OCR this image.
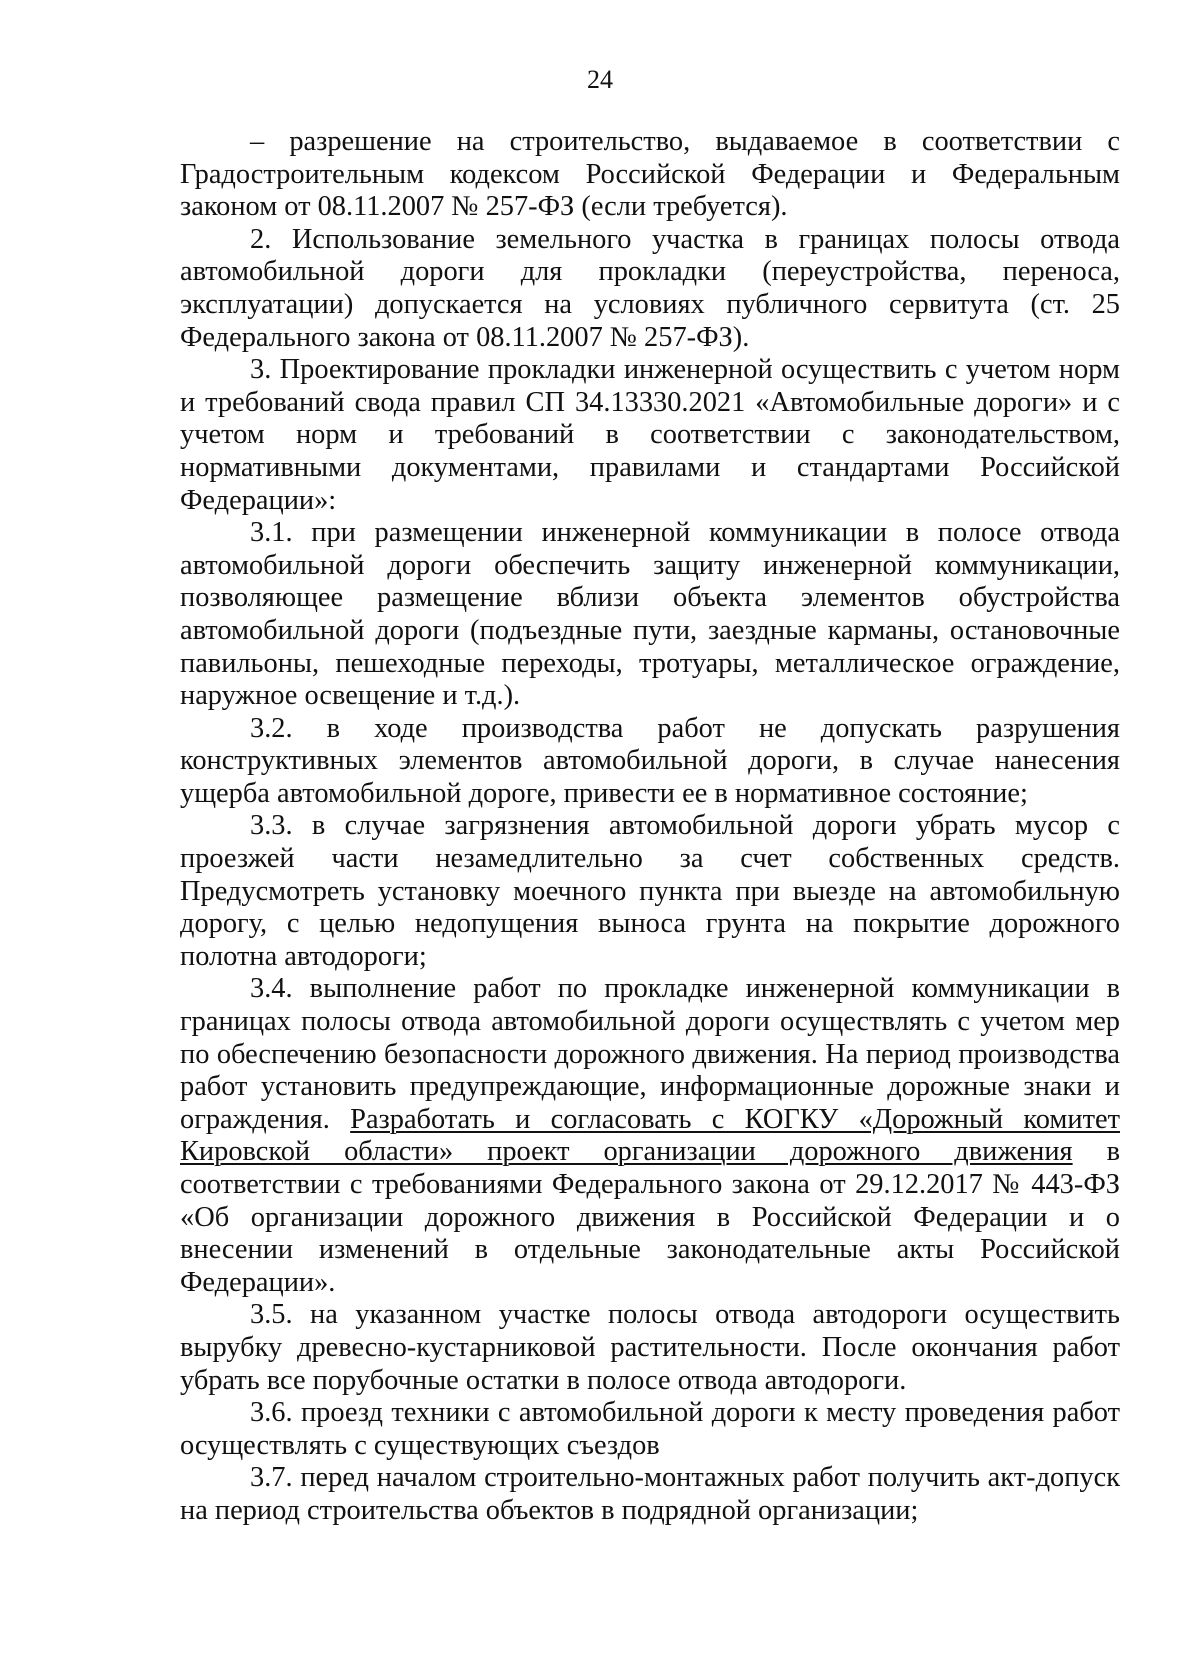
24

– разрешение на строительство, выдаваемое в соответствии с Градостроительным кодексом Российской Федерации и Федеральным законом от 08.11.2007 № 257-ФЗ (если требуется).

2. Использование земельного участка в границах полосы отвода автомобильной дороги для прокладки (переустройства, переноса, эксплуатации) допускается на условиях публичного сервитута (ст. 25 Федерального закона от 08.11.2007 № 257-ФЗ).

3. Проектирование прокладки инженерной осуществить с учетом норм и требований свода правил СП 34.13330.2021 «Автомобильные дороги» и с учетом норм и требований в соответствии с законодательством, нормативными документами, правилами и стандартами Российской Федерации»:

3.1. при размещении инженерной коммуникации в полосе отвода автомобильной дороги обеспечить защиту инженерной коммуникации, позволяющее размещение вблизи объекта элементов обустройства автомобильной дороги (подъездные пути, заездные карманы, остановочные павильоны, пешеходные переходы, тротуары, металлическое ограждение, наружное освещение и т.д.).

3.2. в ходе производства работ не допускать разрушения конструктивных элементов автомобильной дороги, в случае нанесения ущерба автомобильной дороге, привести ее в нормативное состояние;

3.3. в случае загрязнения автомобильной дороги убрать мусор с проезжей части незамедлительно за счет собственных средств. Предусмотреть установку моечного пункта при выезде на автомобильную дорогу, с целью недопущения выноса грунта на покрытие дорожного полотна автодороги;

3.4. выполнение работ по прокладке инженерной коммуникации в границах полосы отвода автомобильной дороги осуществлять с учетом мер по обеспечению безопасности дорожного движения. На период производства работ установить предупреждающие, информационные дорожные знаки и ограждения. Разработать и согласовать с КОГКУ «Дорожный комитет Кировской области» проект организации дорожного движения в соответствии с требованиями Федерального закона от 29.12.2017 № 443-ФЗ «Об организации дорожного движения в Российской Федерации и о внесении изменений в отдельные законодательные акты Российской Федерации».

3.5. на указанном участке полосы отвода автодороги осуществить вырубку древесно-кустарниковой растительности. После окончания работ убрать все порубочные остатки в полосе отвода автодороги.

3.6. проезд техники с автомобильной дороги к месту проведения работ осуществлять с существующих съездов

3.7. перед началом строительно-монтажных работ получить акт-допуск на период строительства объектов в подрядной организации;
